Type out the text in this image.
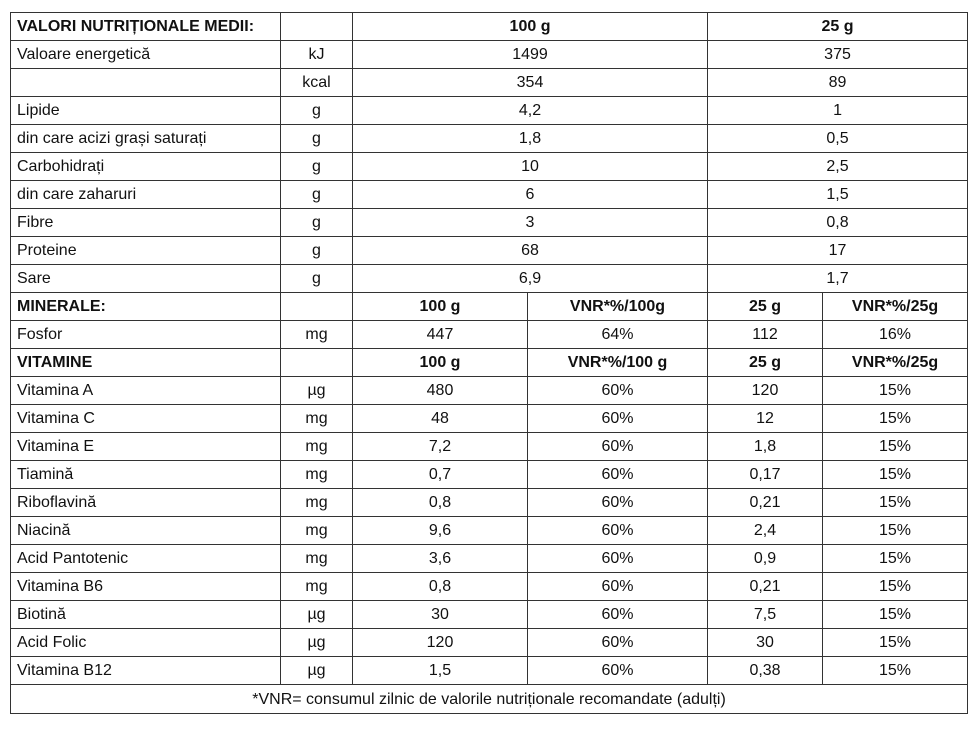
VALORI NUTRIȚIONALE MEDII:		100 g		25 g	
Valoare energetică	kJ	1499		375	
	kcal	354		89	
Lipide	g	4,2		1	
din care acizi grași saturați	g	1,8		0,5	
Carbohidrați	g	10		2,5	
din care zaharuri	g	6		1,5	
Fibre	g	3		0,8	
Proteine	g	68		17	
Sare	g	6,9		1,7	
MINERALE:		100 g	VNR*%/100g	25 g	VNR*%/25g
Fosfor	mg	447	64%	112	16%
VITAMINE		100 g	VNR*%/100 g	25 g	VNR*%/25g
Vitamina A	µg	480	60%	120	15%
Vitamina C	mg	48	60%	12	15%
Vitamina E	mg	7,2	60%	1,8	15%
Tiamină	mg	0,7	60%	0,17	15%
Riboflavină	mg	0,8	60%	0,21	15%
Niacină	mg	9,6	60%	2,4	15%
Acid Pantotenic	mg	3,6	60%	0,9	15%
Vitamina B6	mg	0,8	60%	0,21	15%
Biotină	µg	30	60%	7,5	15%
Acid Folic	µg	120	60%	30	15%
Vitamina B12	µg	1,5	60%	0,38	15%
*VNR= consumul zilnic de valorile nutriționale recomandate (adulți)					
